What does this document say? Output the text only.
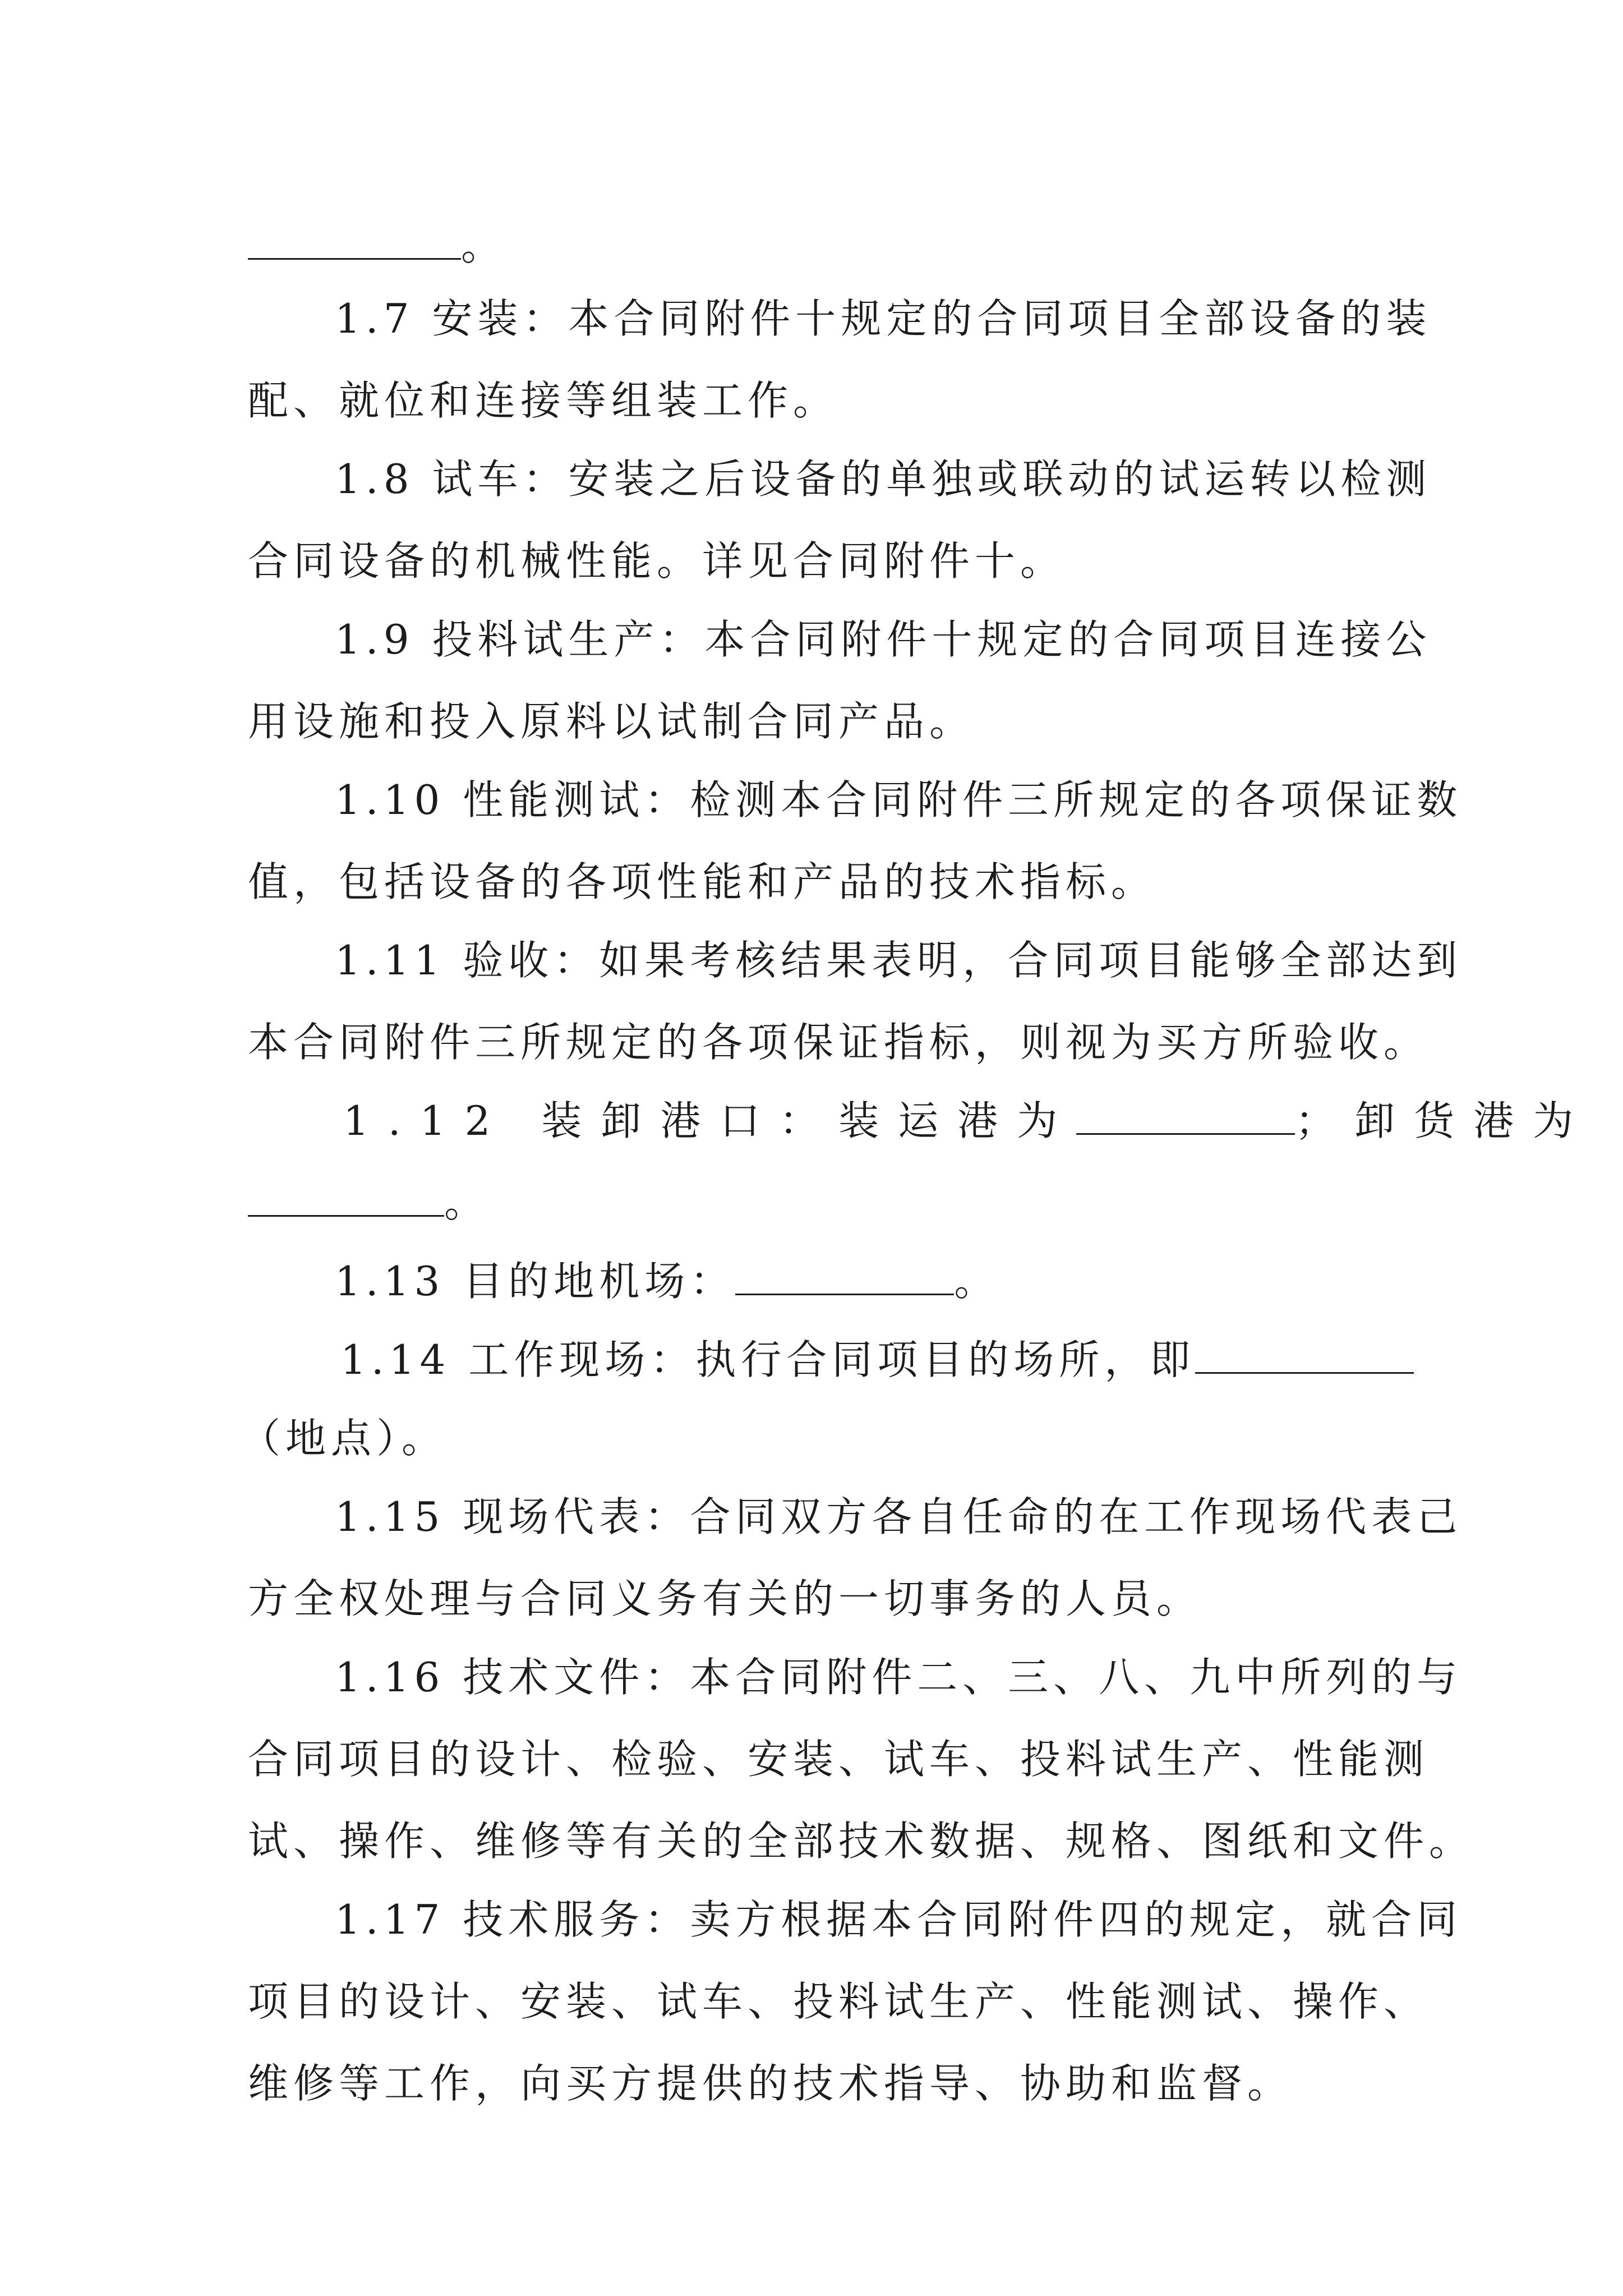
。
1.7 安装：本合同附件十规定的合同项目全部设备的装
配、就位和连接等组装工作。
1.8 试车：安装之后设备的单独或联动的试运转以检测
合同设备的机械性能。详见合同附件十。
1.9 投料试生产：本合同附件十规定的合同项目连接公
用设施和投入原料以试制合同产品。
1.10 性能测试：检测本合同附件三所规定的各项保证数
值，包括设备的各项性能和产品的技术指标。
1.11 验收：如果考核结果表明，合同项目能够全部达到
本合同附件三所规定的各项保证指标，则视为买方所验收。
1.12 装卸港口：装运港为	；卸货港为
。
1.13 目的地机场：	。
1.14 工作现场：执行合同项目的场所，即
（地点）。
1.15 现场代表：合同双方各自任命的在工作现场代表己
方全权处理与合同义务有关的一切事务的人员。
1.16 技术文件：本合同附件二、三、八、九中所列的与
合同项目的设计、检验、安装、试车、投料试生产、性能测
试、操作、维修等有关的全部技术数据、规格、图纸和文件。
1.17 技术服务：卖方根据本合同附件四的规定，就合同
项目的设计、安装、试车、投料试生产、性能测试、操作、
维修等工作，向买方提供的技术指导、协助和监督。
